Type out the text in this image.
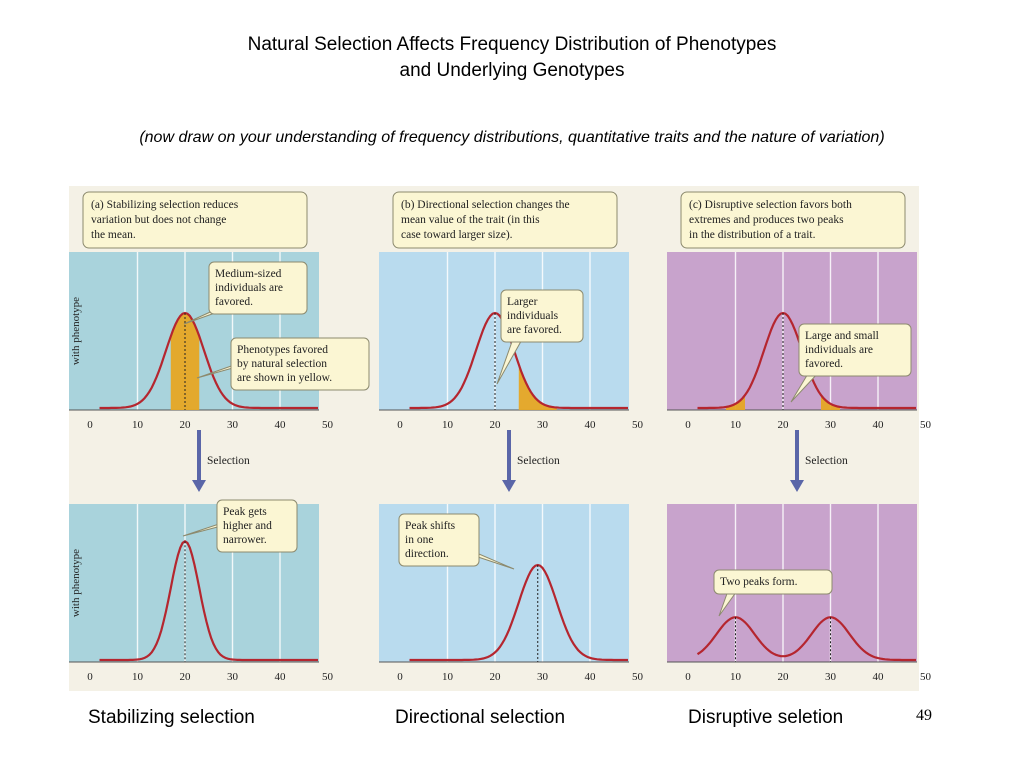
Natural Selection Affects Frequency Distribution of Phenotypes
and Underlying Genotypes
(now draw on your understanding of frequency distributions, quantitative traits and the nature of variation)
(a) Stabilizing selection reduces
variation but does not change
the mean.
0	10	20	30	40	50
0	10	20	30	40	50
Selection
(b) Directional selection changes the
mean value of the trait (in this
case toward larger size).
0	10	20	30	40	50
0	10	20	30	40	50
Selection
(c) Disruptive selection favors both
extremes and produces two peaks
in the distribution of a trait.
0	10	20	30	40	50
0	10	20	30	40	50
Selection
with phenotype
with phenotype
Medium-sized
individuals are
favored.
Phenotypes favored
by natural selection
are shown in yellow.
Peak gets
higher and
narrower.
Larger
individuals
are favored.
Peak shifts
in one
direction.
Large and small
individuals are
favored.
Two peaks form.
Stabilizing selection	Directional selection	Disruptive seletion	49
